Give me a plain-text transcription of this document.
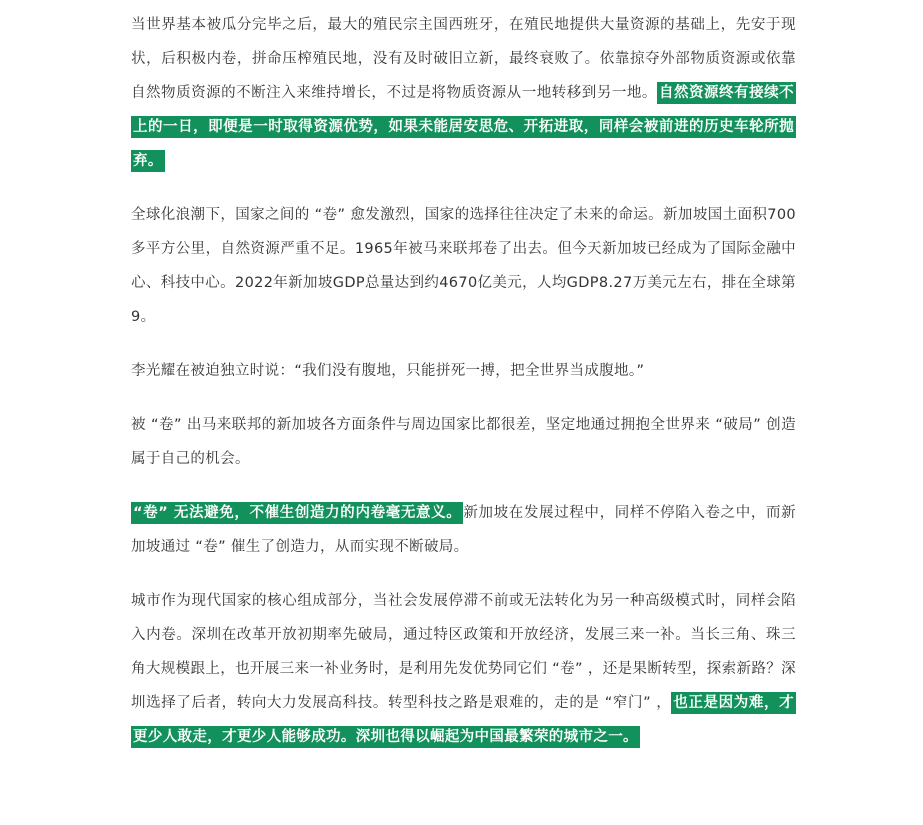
当世界基本被瓜分完毕之后，最大的殖民宗主国西班牙，在殖民地提供大量资源的基础上，先安于现状，后积极内卷，拼命压榨殖民地，没有及时破旧立新，最终衰败了。依靠掠夺外部物质资源或依靠自然物质资源的不断注入来维持增长，不过是将物质资源从一地转移到另一地。 自然资源终有接续不上的一日，即便是一时取得资源优势，如果未能居安思危、开拓进取，同样会被前进的历史车轮所抛弃。

全球化浪潮下，国家之间的 “卷” 愈发激烈，国家的选择往往决定了未来的命运。新加坡国土面积700多平方公里，自然资源严重不足。1965年被马来联邦卷了出去。但今天新加坡已经成为了国际金融中心、科技中心。2022年新加坡GDP总量达到约4670亿美元，人均GDP8.27万美元左右，排在全球第9。

李光耀在被迫独立时说：“我们没有腹地，只能拼死一搏，把全世界当成腹地。”

被 “卷” 出马来联邦的新加坡各方面条件与周边国家比都很差，坚定地通过拥抱全世界来 “破局” 创造属于自己的机会。

“卷” 无法避免，不催生创造力的内卷毫无意义。 新加坡在发展过程中，同样不停陷入卷之中，而新加坡通过 “卷” 催生了创造力，从而实现不断破局。

城市作为现代国家的核心组成部分，当社会发展停滞不前或无法转化为另一种高级模式时，同样会陷入内卷。深圳在改革开放初期率先破局，通过特区政策和开放经济，发展三来一补。当长三角、珠三角大规模跟上，也开展三来一补业务时，是利用先发优势同它们 “卷” ，还是果断转型，探索新路？深圳选择了后者，转向大力发展高科技。转型科技之路是艰难的，走的是 “窄门” ， 也正是因为难，才更少人敢走，才更少人能够成功。深圳也得以崛起为中国最繁荣的城市之一。
